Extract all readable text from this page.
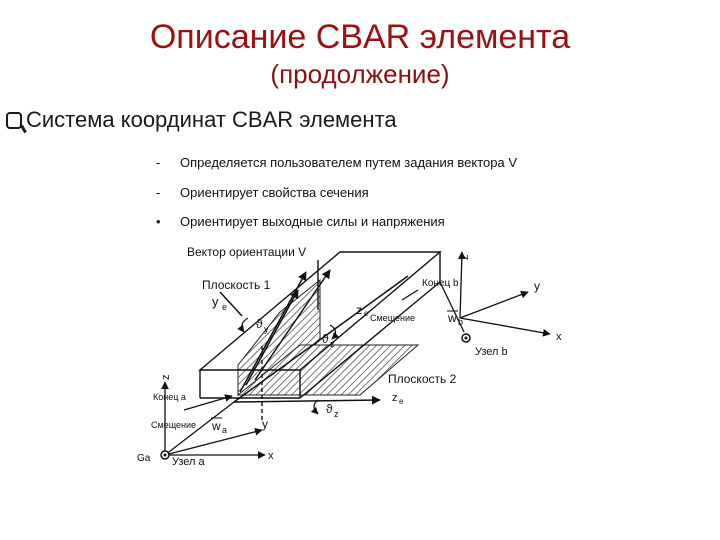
Описание CBAR элемента
(продолжение)
Система координат CBAR элемента
- Определяется пользователем путем задания вектора V
- Ориентирует свойства сечения
• Ориентирует выходные силы и напряжения
Вектор ориентации V
Плоскость 1
Плоскость 2
Конец b
Смещение
Узел b
Конец a
Смещение
Узел a
Ga
y e	z e
z e
ϑ y
ϑ z
ϑ z
w b
w a
z
y
x
z
y
x
